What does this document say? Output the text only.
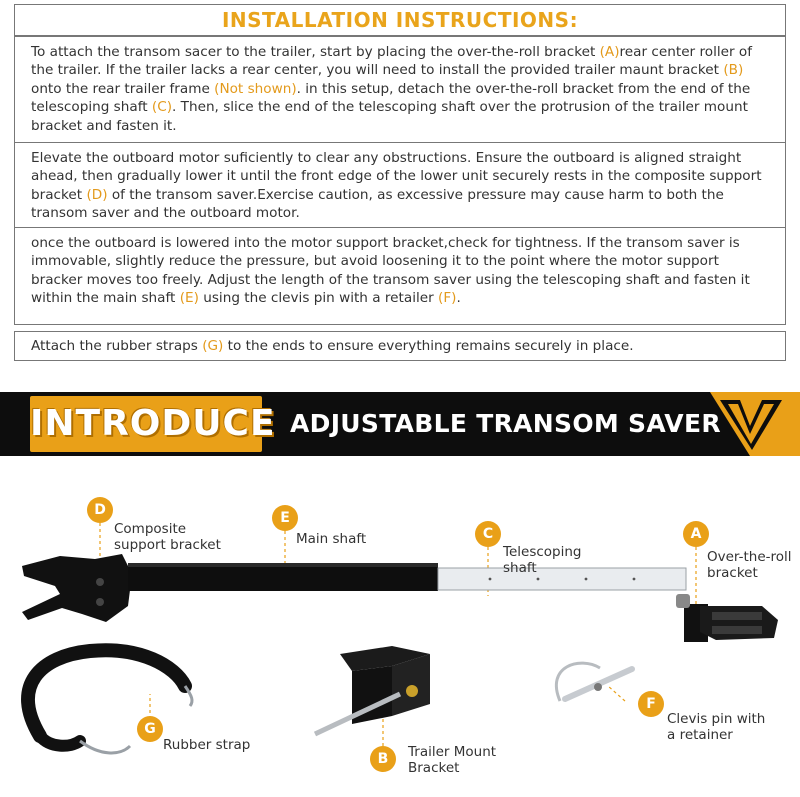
INSTALLATION INSTRUCTIONS:
To attach the transom sacer to the trailer, start by placing the over-the-roll bracket (A)rear center roller of the trailer. If the trailer lacks a rear center, you will need to install the provided trailer maunt bracket (B) onto the rear trailer frame (Not shown). in this setup, detach the over-the-roll bracket from the end of the telescoping shaft (C). Then, slice the end of the telescoping shaft over the protrusion of the trailer mount bracket and fasten it.
Elevate the outboard motor suficiently to clear any obstructions. Ensure the outboard is aligned straight ahead, then gradually lower it until the front edge of the lower unit securely rests in the composite support bracket (D) of the transom saver.Exercise caution, as excessive pressure may cause harm to both the transom saver and the outboard motor.
once the outboard is lowered into the motor support bracket,check for tightness. If the transom saver is immovable, slightly reduce the pressure, but avoid loosening it to the point where the motor support bracker moves too freely. Adjust the length of the transom saver using the telescoping shaft and fasten it within the main shaft (E) using the clevis pin with a retailer (F).
Attach the rubber straps (G) to the ends to ensure everything remains securely in place.
INTRODUCE ADJUSTABLE TRANSOM SAVER
D
Composite
support bracket
E
Main shaft	C
Telescoping
shaft
A
Over-the-roll
bracket
G
Rubber strap
B	Trailer Mount
Bracket
F
Clevis pin with
a retainer
